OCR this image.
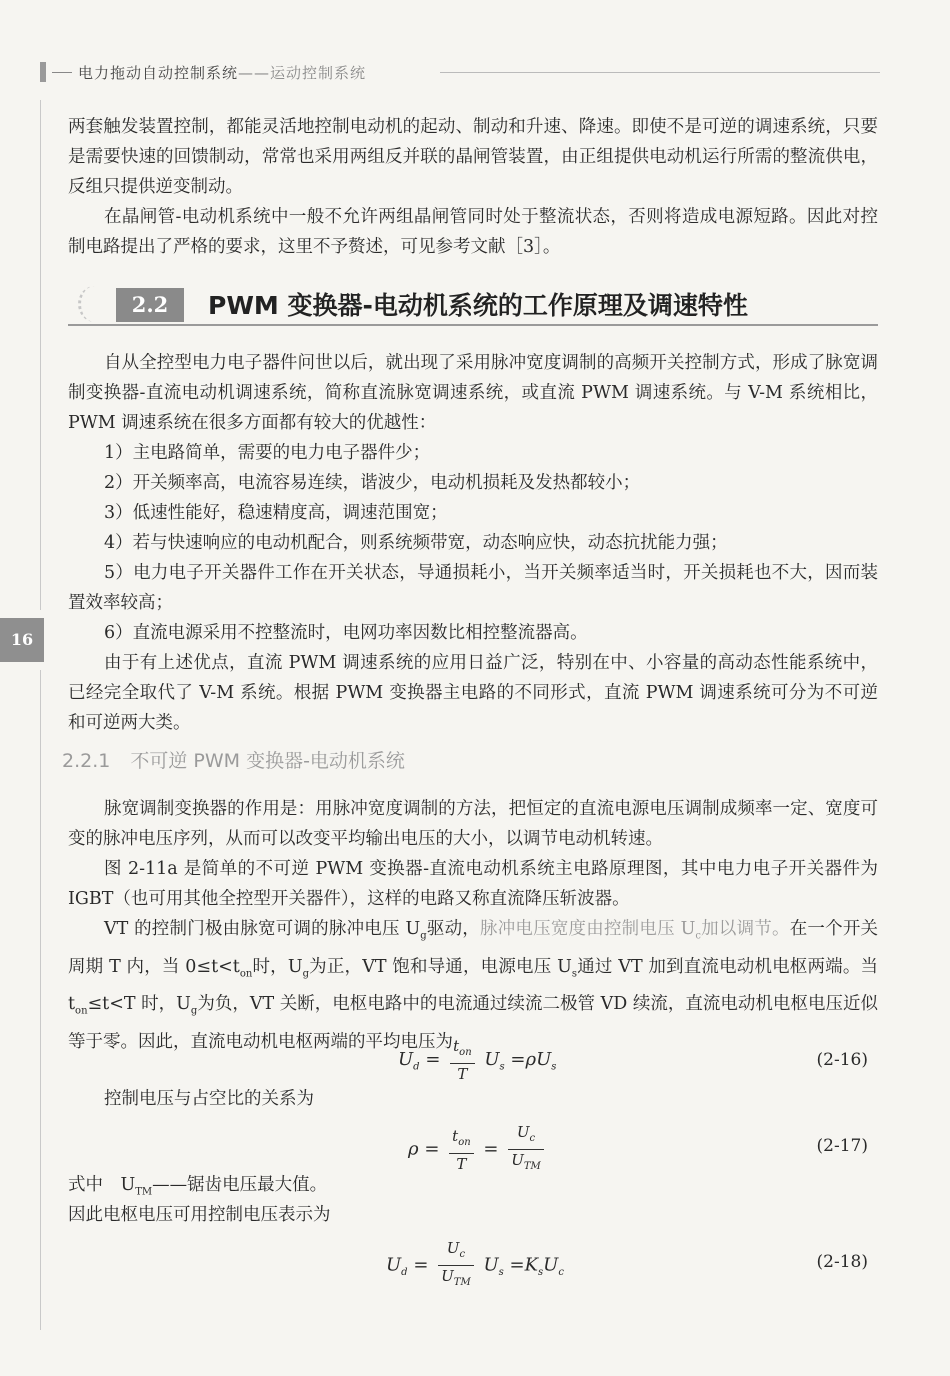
电力拖动自动控制系统——运动控制系统
16

两套触发装置控制，都能灵活地控制电动机的起动、制动和升速、降速。即使不是可逆的调速系统，只要是需要快速的回馈制动，常常也采用两组反并联的晶闸管装置，由正组提供电动机运行所需的整流供电，反组只提供逆变制动。

在晶闸管-电动机系统中一般不允许两组晶闸管同时处于整流状态，否则将造成电源短路。因此对控制电路提出了严格的要求，这里不予赘述，可见参考文献［3］。

2.2	PWM 变换器-电动机系统的工作原理及调速特性

自从全控型电力电子器件问世以后，就出现了采用脉冲宽度调制的高频开关控制方式，形成了脉宽调制变换器-直流电动机调速系统，简称直流脉宽调速系统，或直流 PWM 调速系统。与 V-M 系统相比，PWM 调速系统在很多方面都有较大的优越性：

1）主电路简单，需要的电力电子器件少；

2）开关频率高，电流容易连续，谐波少，电动机损耗及发热都较小；

3）低速性能好，稳速精度高，调速范围宽；

4）若与快速响应的电动机配合，则系统频带宽，动态响应快，动态抗扰能力强；

5）电力电子开关器件工作在开关状态，导通损耗小，当开关频率适当时，开关损耗也不大，因而装置效率较高；

6）直流电源采用不控整流时，电网功率因数比相控整流器高。

由于有上述优点，直流 PWM 调速系统的应用日益广泛，特别在中、小容量的高动态性能系统中，已经完全取代了 V-M 系统。根据 PWM 变换器主电路的不同形式，直流 PWM 调速系统可分为不可逆和可逆两大类。

2.2.1 不可逆 PWM 变换器-电动机系统

脉宽调制变换器的作用是：用脉冲宽度调制的方法，把恒定的直流电源电压调制成频率一定、宽度可变的脉冲电压序列，从而可以改变平均输出电压的大小，以调节电动机转速。

图 2-11a 是简单的不可逆 PWM 变换器-直流电动机系统主电路原理图，其中电力电子开关器件为 IGBT（也可用其他全控型开关器件），这样的电路又称直流降压斩波器。

VT 的控制门极由脉宽可调的脉冲电压 $U_g$驱动，脉冲电压宽度由控制电压 $U_c$加以调节。在一个开关周期 T 内，当 $0\le t<t_{on}$时，$U_g$为正，VT 饱和导通，电源电压 $U_s$通过 VT 加到直流电动机电枢两端。当 $t_{on}\le t<T$ 时，$U_g$为负，VT 关断，电枢电路中的电流通过续流二极管 VD 续流，直流电动机电枢电压近似等于零。因此，直流电动机电枢两端的平均电压为

$U_d = \frac{t_{on}}{T} U_s =\rho U_s$	(2-16)

控制电压与占空比的关系为

$\rho = \frac{t_{on}}{T} = \frac{U_c}{U_{TM}}$	(2-17)

式中　$U_{TM}——$锯齿电压最大值。

因此电枢电压可用控制电压表示为

$U_d = \frac{U_c}{U_{TM}} U_s =K_sU_c$
(2-18)
